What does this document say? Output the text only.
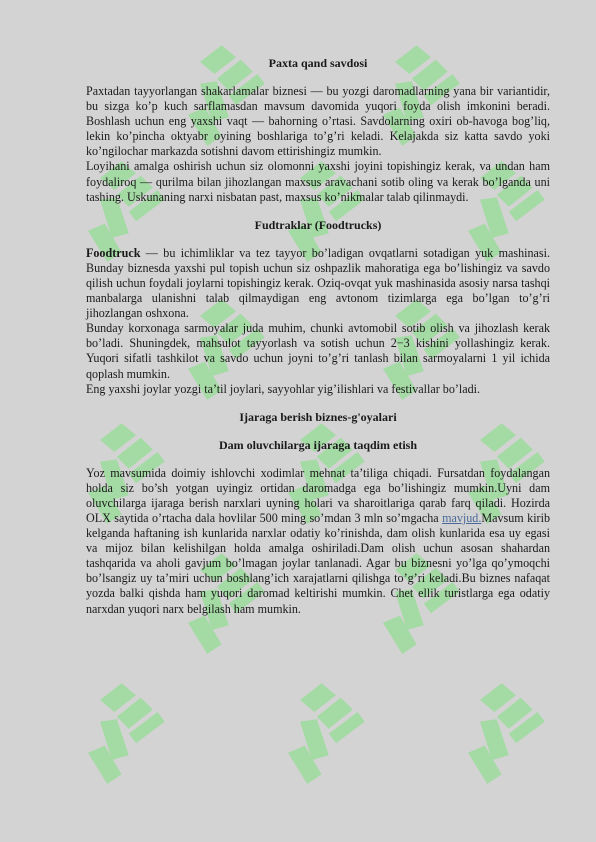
Paxta qand savdosi

Paxtadan tayyorlangan shakarlamalar biznesi — bu yozgi daromadlarning yana bir variantidir, bu sizga ko’p kuch sarflamasdan mavsum davomida yuqori foyda olish imkonini beradi. Boshlash uchun eng yaxshi vaqt — bahorning o’rtasi. Savdolarning oxiri ob-havoga bog’liq, lekin ko’pincha oktyabr oyining boshlariga to’g’ri keladi. Kelajakda siz katta savdo yoki ko’ngilochar markazda sotishni davom ettirishingiz mumkin.

Loyihani amalga oshirish uchun siz olomonni yaxshi joyini topishingiz kerak, va undan ham foydaliroq — qurilma bilan jihozlangan maxsus aravachani sotib oling va kerak bo’lganda uni tashing. Uskunaning narxi nisbatan past, maxsus ko’nikmalar talab qilinmaydi.

Fudtraklar (Foodtrucks)

Foodtruck — bu ichimliklar va tez tayyor bo’ladigan ovqatlarni sotadigan yuk mashinasi. Bunday biznesda yaxshi pul topish uchun siz oshpazlik mahoratiga ega bo’lishingiz va savdo qilish uchun foydali joylarni topishingiz kerak. Oziq-ovqat yuk mashinasida asosiy narsa tashqi manbalarga ulanishni talab qilmaydigan eng avtonom tizimlarga ega bo’lgan to’g’ri jihozlangan oshxona.

Bunday korxonaga sarmoyalar juda muhim, chunki avtomobil sotib olish va jihozlash kerak bo’ladi. Shuningdek, mahsulot tayyorlash va sotish uchun 2−3 kishini yollashingiz kerak. Yuqori sifatli tashkilot va savdo uchun joyni to’g’ri tanlash bilan sarmoyalarni 1 yil ichida qoplash mumkin.

Eng yaxshi joylar yozgi ta’til joylari, sayyohlar yig’ilishlari va festivallar bo’ladi.

Ijaraga berish biznes-g'oyalari
Dam oluvchilarga ijaraga taqdim etish

Yoz mavsumida doimiy ishlovchi xodimlar mehnat ta’tiliga chiqadi. Fursatdan foydalangan holda siz bo’sh yotgan uyingiz ortidan daromadga ega bo’lishingiz mumkin.Uyni dam oluvchilarga ijaraga berish narxlari uyning holari va sharoitlariga qarab farq qiladi. Hozirda OLX saytida o’rtacha dala hovlilar 500 ming so’mdan 3 mln so’mgacha mavjud.Mavsum kirib kelganda haftaning ish kunlarida narxlar odatiy ko’rinishda, dam olish kunlarida esa uy egasi va mijoz bilan kelishilgan holda amalga oshiriladi.Dam olish uchun asosan shahardan tashqarida va aholi gavjum bo’lmagan joylar tanlanadi. Agar bu biznesni yo’lga qo’ymoqchi bo’lsangiz uy ta’miri uchun boshlang’ich xarajatlarni qilishga to’g’ri keladi.Bu biznes nafaqat yozda balki qishda ham yuqori daromad keltirishi mumkin. Chet ellik turistlarga ega odatiy narxdan yuqori narx belgilash ham mumkin.
